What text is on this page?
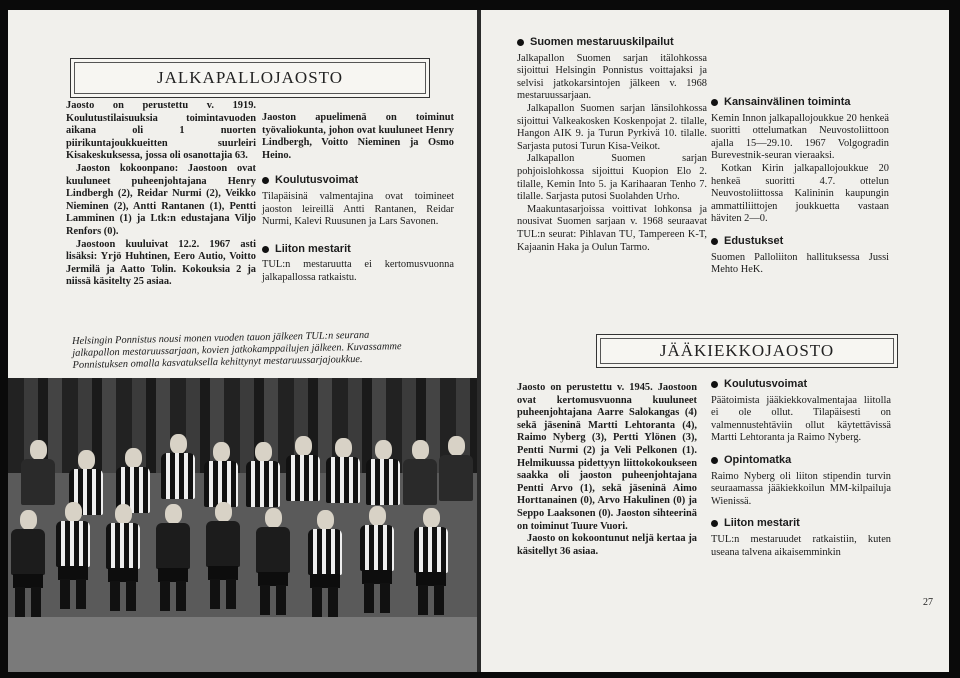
JALKAPALLOJAOSTO

Jaosto on perustettu v. 1919. Koulutustilaisuuksia toimintavuoden aikana oli 1 nuorten piirikuntajoukkueitten suurleiri Kisakeskuksessa, jossa oli osanottajia 63.

Jaoston kokoonpano: Jaostoon ovat kuuluneet puheenjohtajana Henry Lindbergh (2), Reidar Nurmi (2), Veikko Nieminen (2), Antti Rantanen (1), Pentti Lamminen (1) ja Ltk:n edustajana Viljo Renfors (0).

Jaostoon kuuluivat 12.2. 1967 asti lisäksi: Yrjö Huhtinen, Eero Autio, Voitto Jermilä ja Aatto Tolin. Kokouksia 2 ja niissä käsitelty 25 asiaa.

Jaoston apuelimenä on toiminut työvaliokunta, johon ovat kuuluneet Henry Lindbergh, Voitto Nieminen ja Osmo Heino.

Koulutusvoimat

Tilapäisinä valmentajina ovat toimineet jaoston leireillä Antti Rantanen, Reidar Nurmi, Kalevi Ruusunen ja Lars Savonen.

Liiton mestarit

TUL:n mestaruutta ei kertomusvuonna jalkapallossa ratkaistu.

Helsingin Ponnistus nousi monen vuoden tauon jälkeen TUL:n seurana jalkapallon mestaruussarjaan, kovien jatkokamppailujen jälkeen. Kuvassamme Ponnistuksen omalla kasvatuksella kehittynyt mestaruussarjajoukkue.
Suomen mestaruuskilpailut

Jalkapallon Suomen sarjan itälohkossa sijoittui Helsingin Ponnistus voittajaksi ja selvisi jatkokarsintojen jälkeen v. 1968 mestaruussarjaan.

Jalkapallon Suomen sarjan länsilohkossa sijoittui Valkeakosken Koskenpojat 2. tilalle, Hangon AIK 9. ja Turun Pyrkivä 10. tilalle. Sarjasta putosi Turun Kisa-Veikot.

Jalkapallon Suomen sarjan pohjoislohkossa sijoittui Kuopion Elo 2. tilalle, Kemin Into 5. ja Karihaaran Tenho 7. tilalle. Sarjasta putosi Suolahden Urho.

Maakuntasarjoissa voittivat lohkonsa ja nousivat Suomen sarjaan v. 1968 seuraavat TUL:n seurat: Pihlavan TU, Tampereen K-T, Kajaanin Haka ja Oulun Tarmo.

Kansainvälinen toiminta

Kemin Innon jalkapallojoukkue 20 henkeä suoritti ottelumatkan Neuvostoliittoon ajalla 15—29.10. 1967 Volgogradin Burevestnik-seuran vieraaksi.

Kotkan Kirin jalkapallojoukkue 20 henkeä suoritti 4.7. ottelun Neuvostoliittossa Kalininin kaupungin ammattiliittojen joukkuetta vastaan häviten 2—0.

Edustukset

Suomen Palloliiton hallituksessa Jussi Mehto HeK.

JÄÄKIEKKOJAOSTO

Jaosto on perustettu v. 1945. Jaostoon ovat kertomusvuonna kuuluneet puheenjohtajana Aarre Salokangas (4) sekä jäseninä Martti Lehtoranta (4), Raimo Nyberg (3), Pertti Ylönen (3), Pentti Nurmi (2) ja Veli Pelkonen (1). Helmikuussa pidettyyn liittokokoukseen saakka oli jaoston puheenjohtajana Pentti Arvo (1), sekä jäseninä Aimo Horttanainen (0), Arvo Hakulinen (0) ja Seppo Laaksonen (0). Jaoston sihteerinä on toiminut Tuure Vuori.

Jaosto on kokoontunut neljä kertaa ja käsitellyt 36 asiaa.

Koulutusvoimat

Päätoimista jääkiekkovalmentajaa liitolla ei ole ollut. Tilapäisesti on valmennustehtäviin ollut käytettävissä Martti Lehtoranta ja Raimo Nyberg.

Opintomatka

Raimo Nyberg oli liiton stipendin turvin seuraamassa jääkiekkoilun MM-kilpailuja Wienissä.

Liiton mestarit

TUL:n mestaruudet ratkaistiin, kuten useana talvena aikaisemminkin

27
